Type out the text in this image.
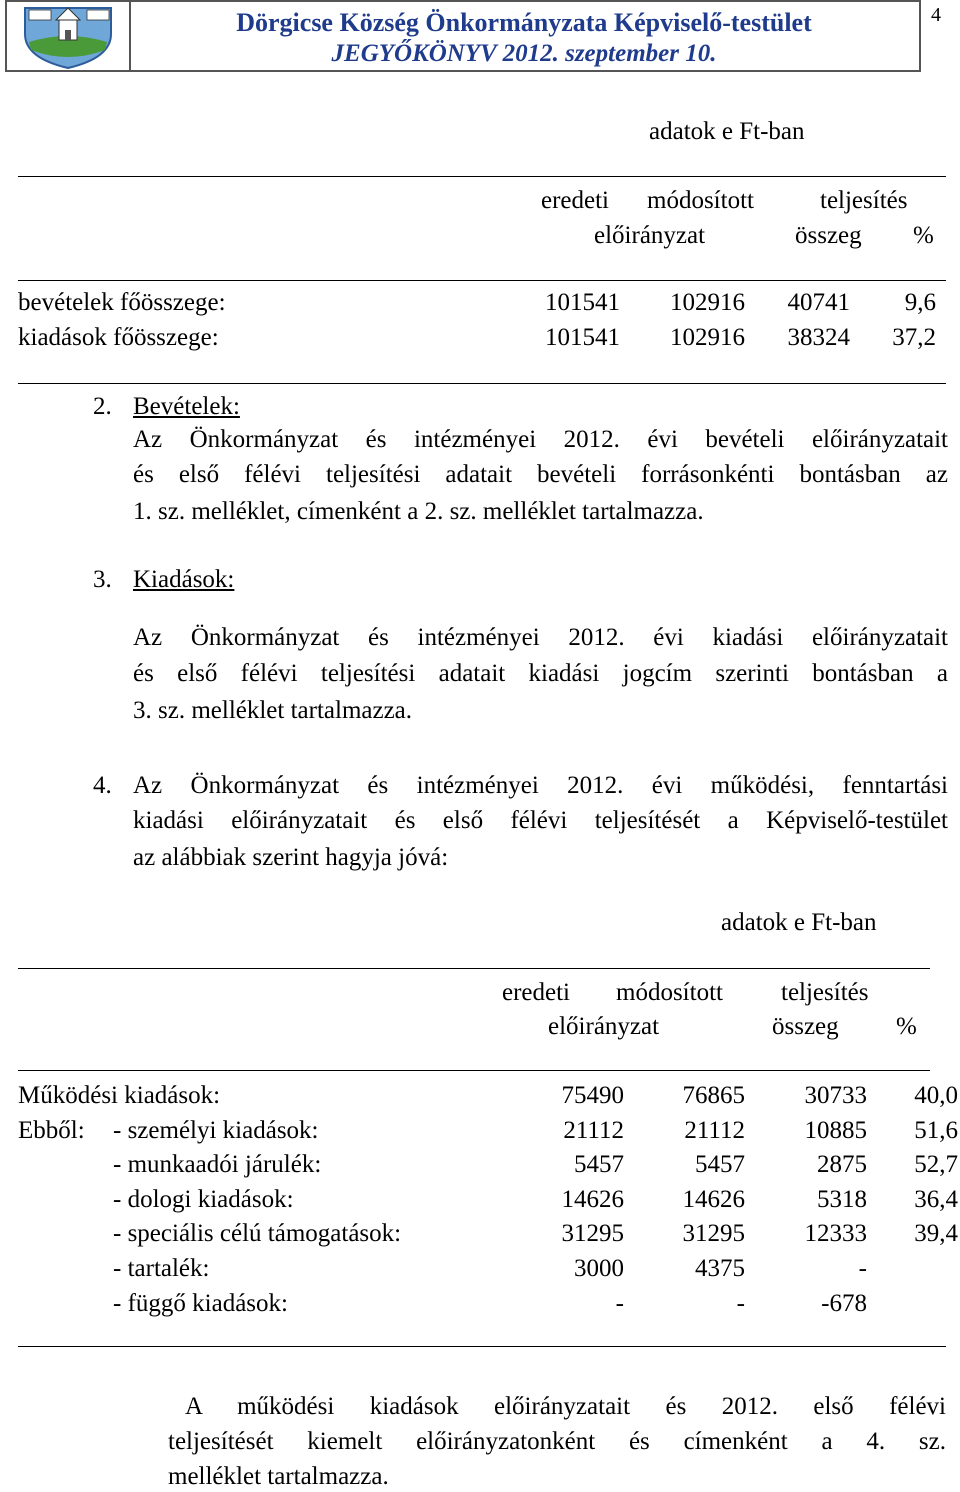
Dörgicse Község Önkormányzata Képviselő-testület
JEGYŐKÖNYV 2012. szeptember 10.
4
adatok e Ft-ban
eredeti módosított	teljesítés
előirányzat	összeg %
bevételek főösszege:	101541 102916 40741 9,6
kiadások főösszege:	101541 102916 38324 37,2
2. Bevételek:
Az Önkormányzat és intézményei 2012. évi bevételi előirányzatait
és első félévi teljesítési adatait bevételi forrásonkénti bontásban az
1. sz. melléklet, címenként a 2. sz. melléklet tartalmazza.
3. Kiadások:
Az Önkormányzat és intézményei 2012. évi kiadási előirányzatait
és első félévi teljesítési adatait kiadási jogcím szerinti bontásban a
3. sz. melléklet tartalmazza.
4. Az Önkormányzat és intézményei 2012. évi működési, fenntartási
kiadási előirányzatait és első félévi teljesítését a Képviselő-testület
az alábbiak szerint hagyja jóvá:
adatok e Ft-ban
eredeti módosított teljesítés
előirányzat	összeg %
Működési kiadások:	75490 76865 30733 40,0
Ebből: - személyi kiadások:	21112 21112 10885 51,6
- munkaadói járulék:	5457	5457	2875 52,7
- dologi kiadások:	14626 14626	5318 36,4
- speciális célú támogatások:	31295 31295 12333 39,4
- tartalék:	3000	4375	-
- függő kiadások:	-	-	-678
A működési kiadások előirányzatait és 2012. első félévi
teljesítését kiemelt előirányzatonként és címenként a 4. sz.
melléklet tartalmazza.
